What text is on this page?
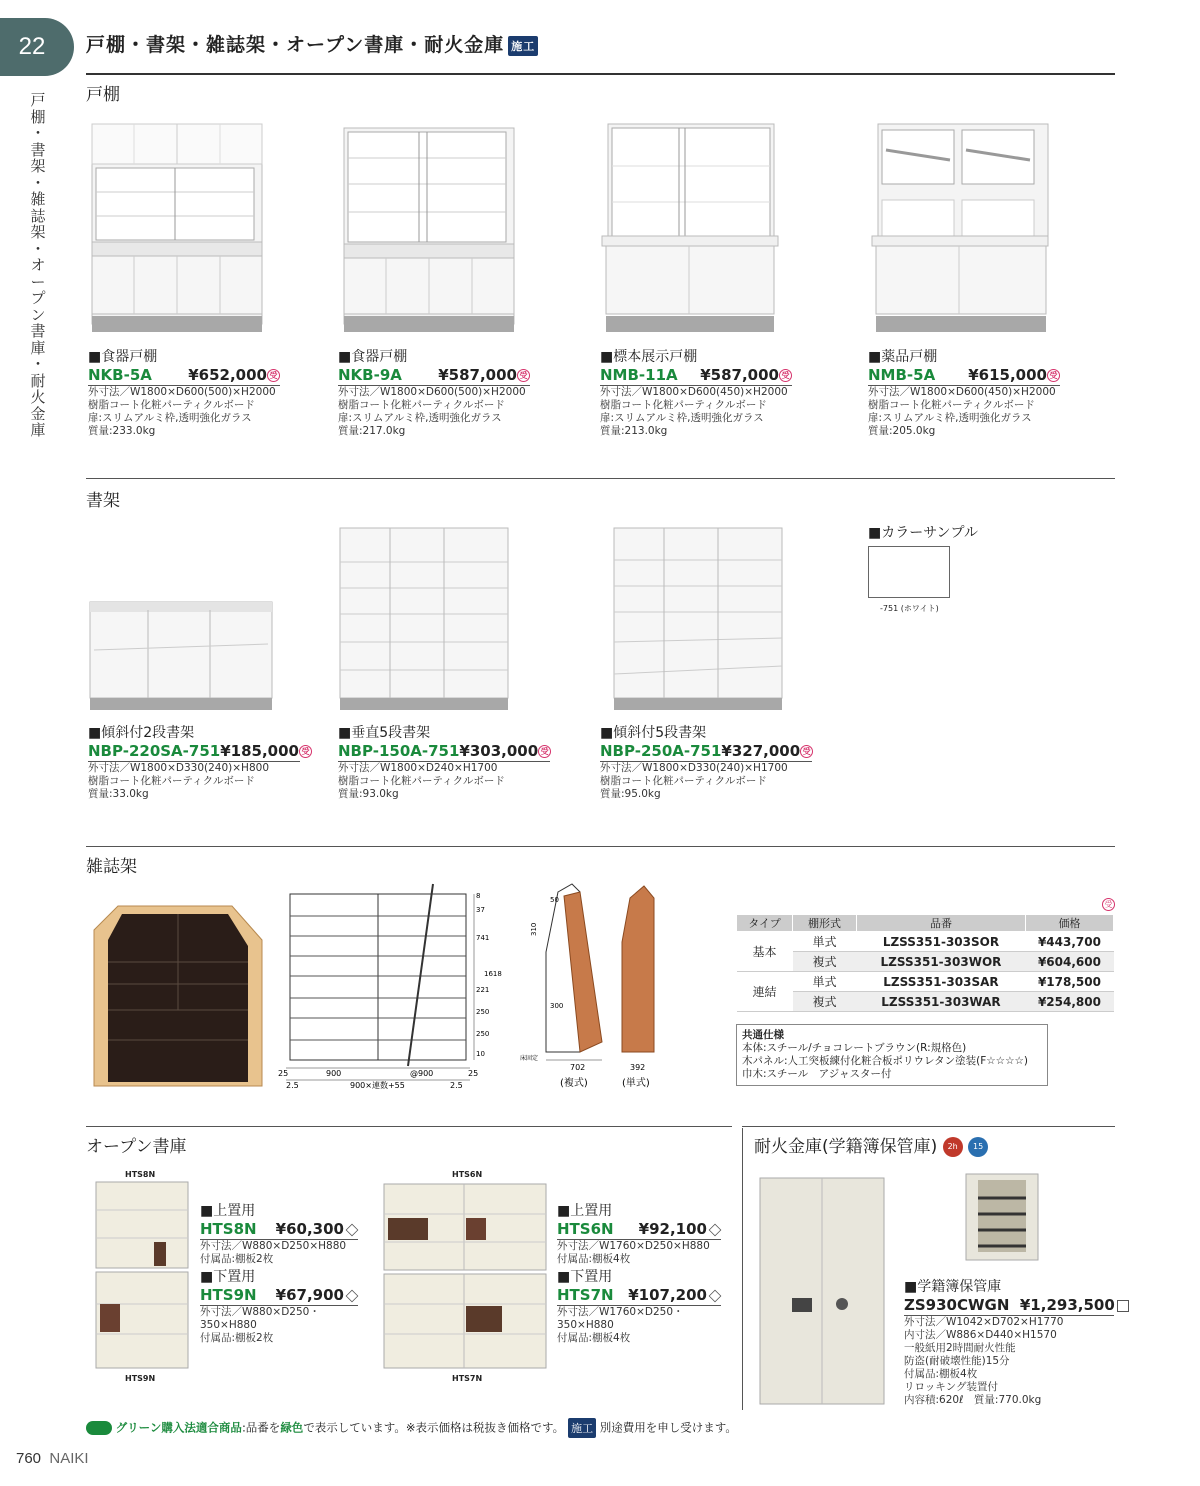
22
戸
棚
・
書
架
・
雑
誌
架
・
オ
ー
プ
ン
書
庫
・
耐
火
金
庫
戸棚・書架・雑誌架・オープン書庫・耐火金庫 施工
戸棚
書架
■カラーサンプル
-751 (ホワイト)
雑誌架
8
37
741
1618
221
250
250
10
25	900	@900	25
2.5	900×連数+55	2.5
50
310
300
床固定
702	392
(複式)	(単式)
受
タイプ	棚形式	品番	価格
基本	単式	LZSS351-303SOR	¥443,700
	複式	LZSS351-303WOR	¥604,600
連結	単式	LZSS351-303SAR	¥178,500
	複式	LZSS351-303WAR	¥254,800
共通仕様
本体:スチール/チョコレートブラウン(R:規格色)
木パネル:人工突板練付化粧合板ポリウレタン塗装(F☆☆☆☆)
巾木:スチール　アジャスター付
オープン書庫
HTS8N
HTS9N
HTS6N
HTS7N
耐火金庫(学籍簿保管庫) 2h 15
■学籍簿保管庫
ZS930CWGN ¥1,293,500
外寸法／W1042×D702×H1770
内寸法／W886×D440×H1570
一般紙用2時間耐火性能
防盗(耐破壊性能)15分
付属品:棚板4枚
リロッキング装置付
内容積:620ℓ　質量:770.0kg
グリーン購入法適合商品:品番を緑色で表示しています。※表示価格は税抜き価格です。 施工 別途費用を申し受けます。
760 NAIKI
■食器戸棚
NKB-5A ¥652,000 受
外寸法／W1800×D600(500)×H2000
樹脂コート化粧パーティクルボード
扉:スリムアルミ枠,透明強化ガラス
質量:233.0kg
■食器戸棚
NKB-9A ¥587,000 受
外寸法／W1800×D600(500)×H2000
樹脂コート化粧パーティクルボード
扉:スリムアルミ枠,透明強化ガラス
質量:217.0kg
■標本展示戸棚
NMB-11A ¥587,000 受
外寸法／W1800×D600(450)×H2000
樹脂コート化粧パーティクルボード
扉:スリムアルミ枠,透明強化ガラス
質量:213.0kg
■薬品戸棚
NMB-5A ¥615,000 受
外寸法／W1800×D600(450)×H2000
樹脂コート化粧パーティクルボード
扉:スリムアルミ枠,透明強化ガラス
質量:205.0kg
■傾斜付2段書架
NBP-220SA-751 ¥185,000 受
外寸法／W1800×D330(240)×H800
樹脂コート化粧パーティクルボード
質量:33.0kg
■垂直5段書架
NBP-150A-751 ¥303,000 受
外寸法／W1800×D240×H1700
樹脂コート化粧パーティクルボード
質量:93.0kg
■傾斜付5段書架
NBP-250A-751 ¥327,000 受
外寸法／W1800×D330(240)×H1700
樹脂コート化粧パーティクルボード
質量:95.0kg
■上置用
HTS8N ¥60,300
外寸法／W880×D250×H880
付属品:棚板2枚
■下置用
HTS9N ¥67,900
外寸法／W880×D250・350×H880
付属品:棚板2枚
■上置用
HTS6N ¥92,100
外寸法／W1760×D250×H880
付属品:棚板4枚
■下置用
HTS7N ¥107,200
外寸法／W1760×D250・350×H880
付属品:棚板4枚
